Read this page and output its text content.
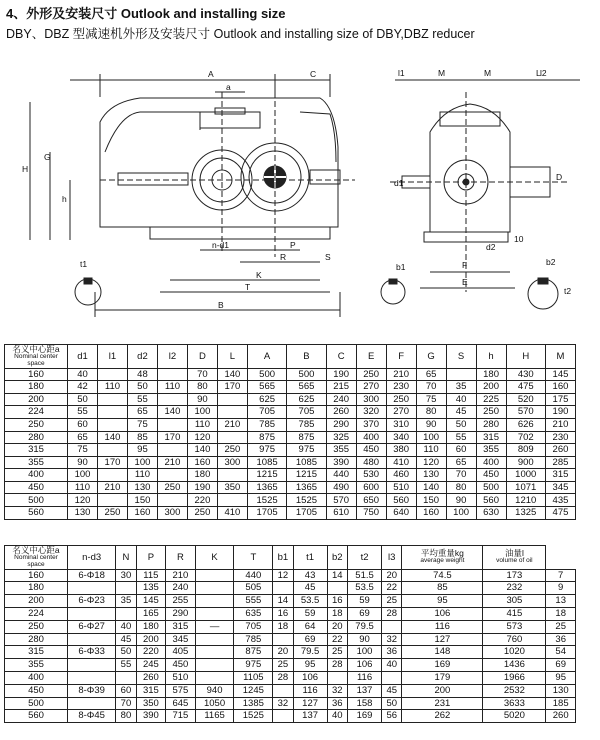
4、外形及安装尺寸 Outlook and installing size
DBY、DBZ 型减速机外形及安装尺寸 Outlook and installing size of DBY,DBZ reducer
A	C
a
H
G
h
n-d1	P
R
K
T
B
S
t1
l1	M	M	L
d1
D
d2
F
E
10
b1	b2
t2
l2
名义中心距a
Nominal center space	d1	l1	d2	l2	D	L	A	B	C	E	F	G	S	h	H	M
160	40		48		70	140	500	500	190	250	210	65		180	430	145
180	42	110	50	110	80	170	565	565	215	270	230	70	35	200	475	160
200	50		55		90		625	625	240	300	250	75	40	225	520	175
224	55		65	140	100		705	705	260	320	270	80	45	250	570	190
250	60		75		110	210	785	785	290	370	310	90	50	280	626	210
280	65	140	85	170	120		875	875	325	400	340	100	55	315	702	230
315	75		95		140	250	975	975	355	450	380	110	60	355	809	260
355	90	170	100	210	160	300	1085	1085	390	480	410	120	65	400	900	285
400	100		110		180		1215	1215	440	530	460	130	70	450	1000	315
450	110	210	130	250	190	350	1365	1365	490	600	510	140	80	500	1071	345
500	120		150		220		1525	1525	570	650	560	150	90	560	1210	435
560	130	250	160	300	250	410	1705	1705	610	750	640	160	100	630	1325	475
名义中心距a
Nominal center space	n-d3	N	P	R	K	T	b1	t1	b2	t2	l3	平均重量kg
average weight	油量l
volume of oil	

160	6-Φ18	30	115	210		440	12	43	14	51.5	20	74.5	173	7
180			135	240		505		45		53.5	22	85	232	9
200	6-Φ23	35	145	255		555	14	53.5	16	59	25	95	305	13
224			165	290		635	16	59	18	69	28	106	415	18
250	6-Φ27	40	180	315	—	705	18	64	20	79.5		116	573	25
280		45	200	345		785		69	22	90	32	127	760	36
315	6-Φ33	50	220	405		875	20	79.5	25	100	36	148	1020	54
355		55	245	450		975	25	95	28	106	40	169	1436	69
400			260	510		1105	28	106		116		179	1966	95
450	8-Φ39	60	315	575	940	1245		116	32	137	45	200	2532	130
500		70	350	645	1050	1385	32	127	36	158	50	231	3633	185
560	8-Φ45	80	390	715	1165	1525		137	40	169	56	262	5020	260
